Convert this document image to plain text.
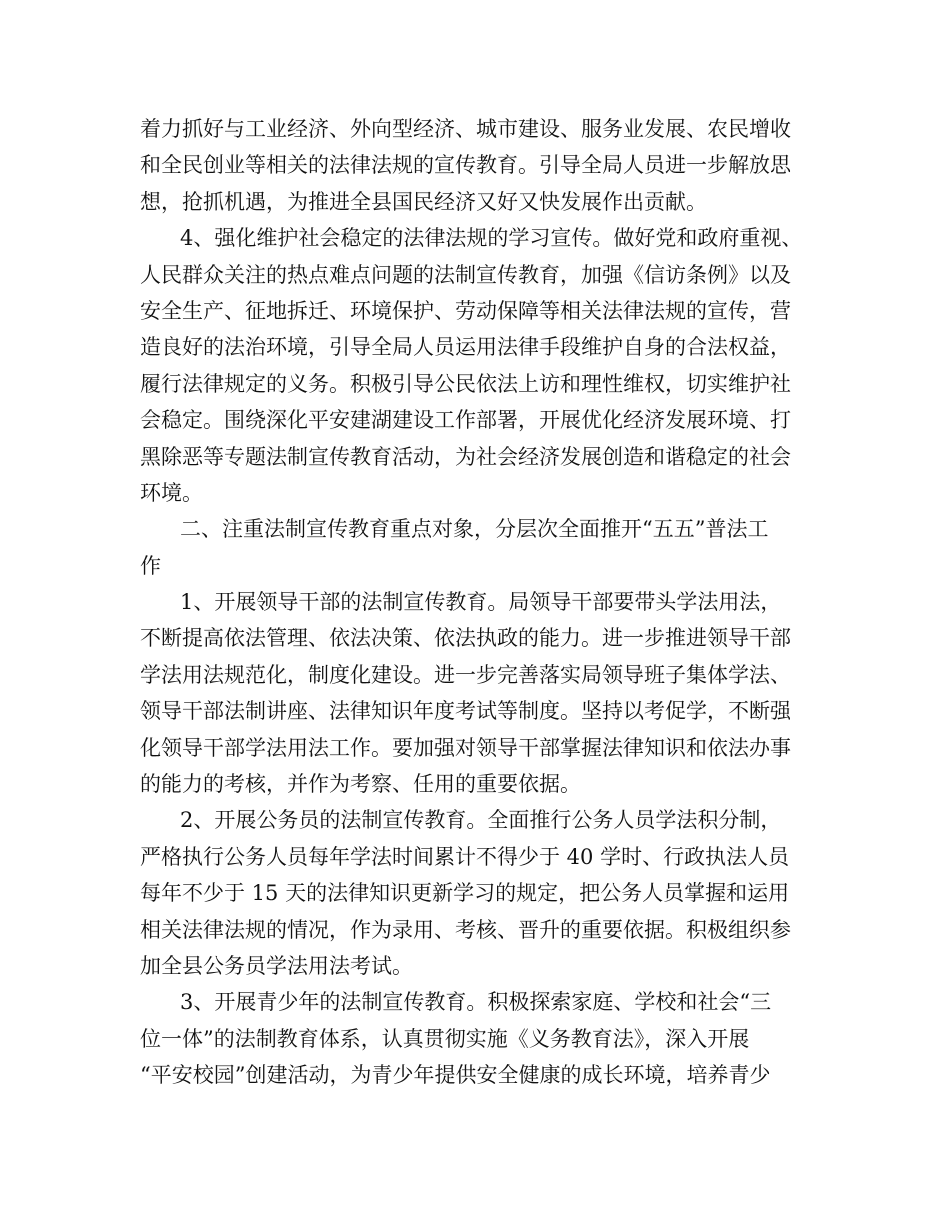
着力抓好与工业经济、外向型经济、城市建设、服务业发展、农民增收
和全民创业等相关的法律法规的宣传教育。引导全局人员进一步解放思
想，抢抓机遇，为推进全县国民经济又好又快发展作出贡献。
4、强化维护社会稳定的法律法规的学习宣传。做好党和政府重视、
人民群众关注的热点难点问题的法制宣传教育，加强《信访条例》以及
安全生产、征地拆迁、环境保护、劳动保障等相关法律法规的宣传，营
造良好的法治环境，引导全局人员运用法律手段维护自身的合法权益，
履行法律规定的义务。积极引导公民依法上访和理性维权，切实维护社
会稳定。围绕深化平安建湖建设工作部署，开展优化经济发展环境、打
黑除恶等专题法制宣传教育活动，为社会经济发展创造和谐稳定的社会
环境。
二、注重法制宣传教育重点对象，分层次全面推开“五五”普法工
作
1、开展领导干部的法制宣传教育。局领导干部要带头学法用法，
不断提高依法管理、依法决策、依法执政的能力。进一步推进领导干部
学法用法规范化，制度化建设。进一步完善落实局领导班子集体学法、
领导干部法制讲座、法律知识年度考试等制度。坚持以考促学，不断强
化领导干部学法用法工作。要加强对领导干部掌握法律知识和依法办事
的能力的考核，并作为考察、任用的重要依据。
2、开展公务员的法制宣传教育。全面推行公务人员学法积分制，
严格执行公务人员每年学法时间累计不得少于 40 学时、行政执法人员
每年不少于 15 天的法律知识更新学习的规定，把公务人员掌握和运用
相关法律法规的情况，作为录用、考核、晋升的重要依据。积极组织参
加全县公务员学法用法考试。
3、开展青少年的法制宣传教育。积极探索家庭、学校和社会“三
位一体”的法制教育体系，认真贯彻实施《义务教育法》，深入开展
“平安校园”创建活动，为青少年提供安全健康的成长环境，培养青少
